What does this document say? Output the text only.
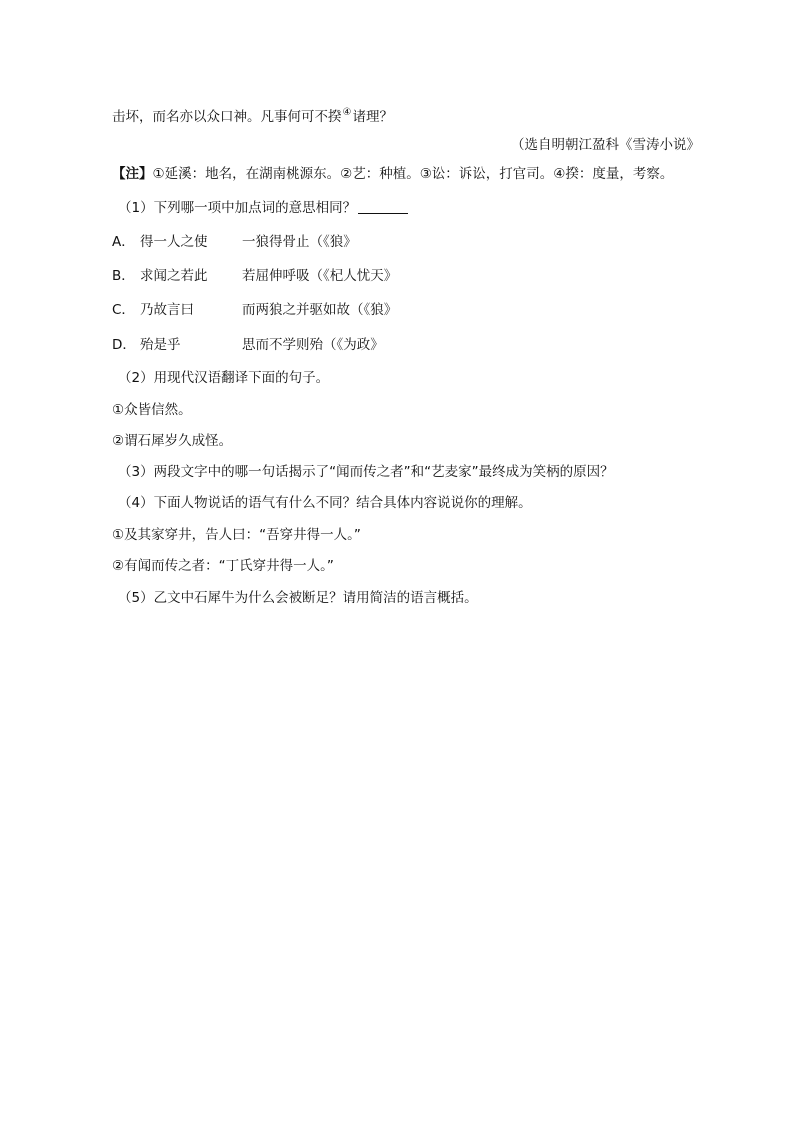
击坏，而名亦以众口神。凡事何可不揆④诸理？
（选自明朝江盈科《雪涛小说》
【注】①延溪：地名，在湖南桃源东。②艺：种植。③讼：诉讼，打官司。④揆：度量，考察。
（1）下列哪一项中加点词的意思相同？
A． 得一人之使	一狼得骨止（《狼》
B． 求闻之若此	若屈伸呼吸（《杞人忧天》
C． 乃故言曰	而两狼之并驱如故（《狼》
D． 殆是乎	思而不学则殆（《为政》
（2）用现代汉语翻译下面的句子。
①众皆信然。
②谓石犀岁久成怪。
（3）两段文字中的哪一句话揭示了“闻而传之者”和“艺麦家”最终成为笑柄的原因？
（4）下面人物说话的语气有什么不同？结合具体内容说说你的理解。
①及其家穿井，告人曰：“吾穿井得一人。”
②有闻而传之者：“丁氏穿井得一人。”
（5）乙文中石犀牛为什么会被断足？请用简洁的语言概括。
